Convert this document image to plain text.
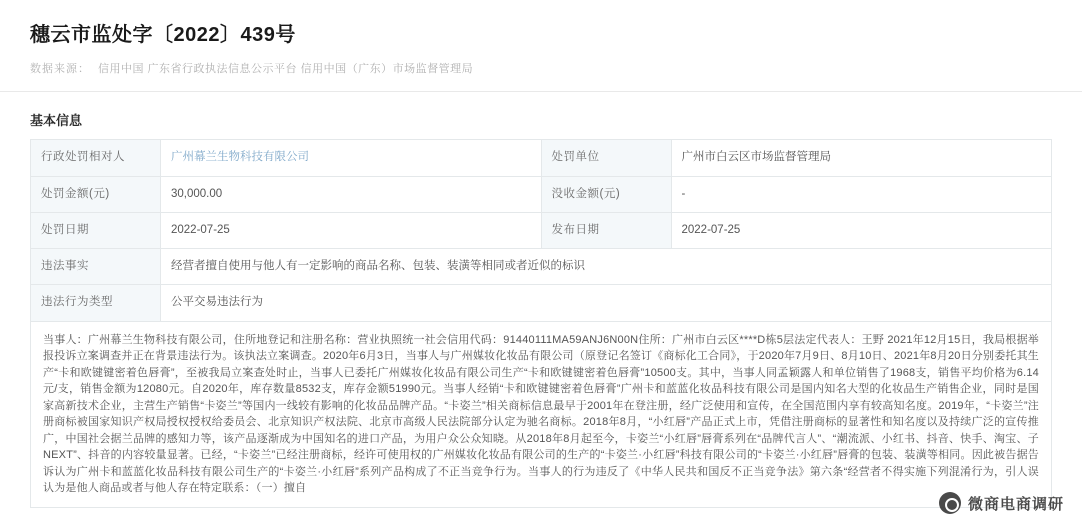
穗云市监处字〔2022〕439号
数据来源： 信用中国 广东省行政执法信息公示平台 信用中国（广东）市场监督管理局
基本信息
行政处罚相对人	广州幕兰生物科技有限公司	处罚单位	广州市白云区市场监督管理局
处罚金额(元)	30,000.00	没收金额(元)	-
处罚日期	2022-07-25	发布日期	2022-07-25
违法事实	经营者擅自使用与他人有一定影响的商品名称、包装、装潢等相同或者近似的标识		
违法行为类型	公平交易违法行为		
当事人：广州幕兰生物科技有限公司，住所地登记和注册名称：营业执照统一社会信用代码：91440111MA59ANJ6N00N住所：广州市白云区****D栋5层法定代表人：王野 2021年12月15日，我局根据举报投诉立案调查并正在背景违法行为。该执法立案调查。2020年6月3日，当事人与广州媒妆化妆品有限公司（原登记名签订《商标化工合同》，于2020年7月9日、8月10日、2021年8月20日分别委托其生产“卡和欧键键密着色唇膏”，至被我局立案查处时止，当事人已委托广州媒妆化妆品有限公司生产“卡和欧键键密着色唇膏”10500支。其中，当事人同孟颖露人和单位销售了1968支，销售平均价格为6.14元/支，销售金额为12080元。自2020年，库存数量8532支，库存金额51990元。当事人经销“卡和欧键键密着色唇膏”广州卡和蓝蓝化妆品科技有限公司是国内知名大型的化妆品生产销售企业，同时是国家高新技术企业，主营生产销售“卡姿兰”等国内一线较有影响的化妆品品牌产品。“卡姿兰”相关商标信息最早于2001年在登注册，经广泛使用和宣传，在全国范围内享有较高知名度。2019年，“卡姿兰”注册商标被国家知识产权局授权授权给委员会、北京知识产权法院、北京市高级人民法院部分认定为驰名商标。2018年8月，“小红唇”产品正式上市，凭借注册商标的显著性和知名度以及持续广泛的宣传推广，中国社会据兰品牌的感知力等，该产品逐渐成为中国知名的进口产品，为用户众公众知晓。从2018年8月起至今，卡姿兰“小红唇”唇膏系列在“品牌代言人”、“潮流派、小红书、抖音、快手、淘宝、子NEXT”、抖音的内容较量显著。已经，“卡姿兰”已经注册商标，经许可使用权的广州媒妆化妆品有限公司的生产的“卡姿兰·小红唇”科技有限公司的“卡姿兰·小红唇”唇膏的包装、装潢等相同。因此被告据告诉认为广州卡和蓝蓝化妆品科技有限公司生产的“卡姿兰·小红唇”系列产品构成了不正当竞争行为。当事人的行为违反了《中华人民共和国反不正当竞争法》第六条“经营者不得实施下列混淆行为，引人误认为是他人商品或者与他人存在特定联系：（一）擅自			
微商电商调研
